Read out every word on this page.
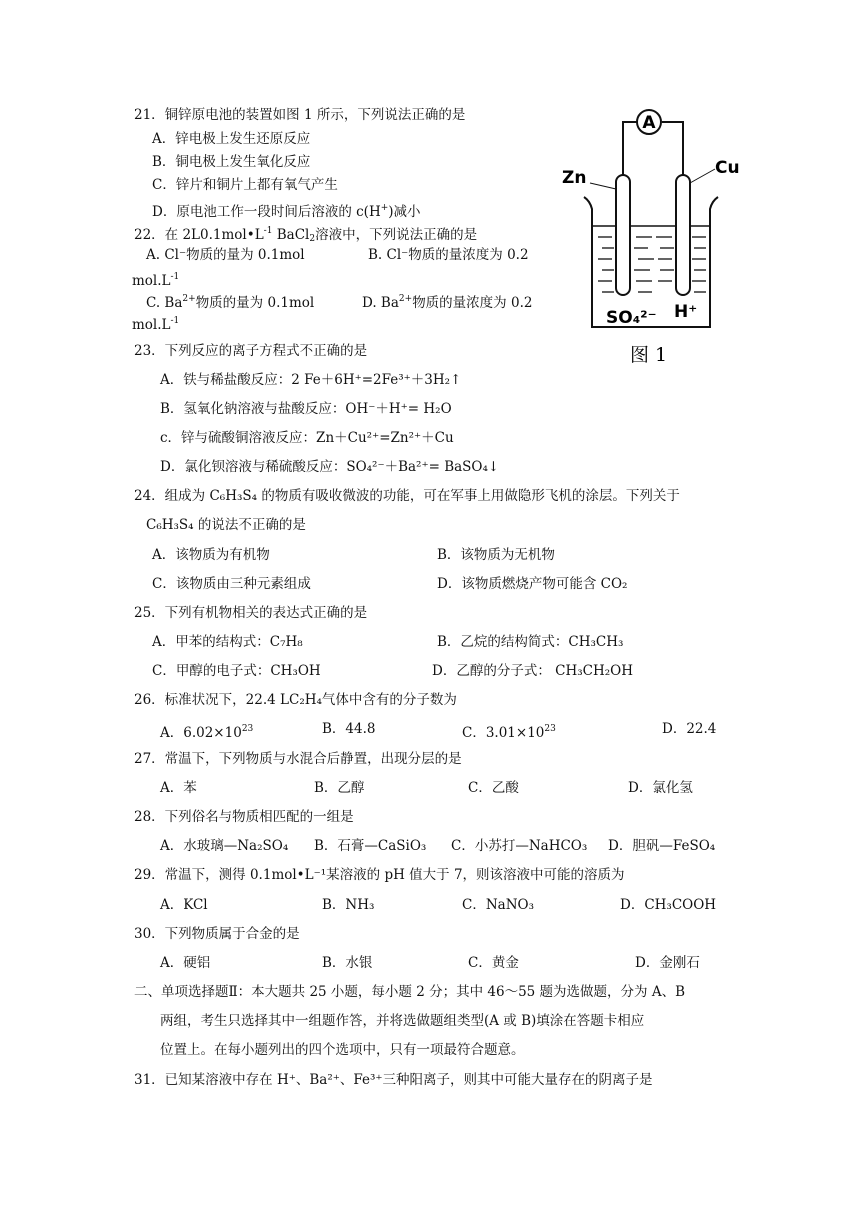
21．铜锌原电池的装置如图 1 所示，下列说法正确的是
A．锌电极上发生还原反应
B．铜电极上发生氧化反应
C．锌片和铜片上都有氧气产生
D．原电池工作一段时间后溶液的 c(H+)减小
22．在 $2L0.1mol•L^{-1}$ BaCl$_2$溶液中，下列说法正确的是
A. Cl⁻物质的量为 0.1mol	B. Cl⁻物质的量浓度为 0.2
$mol.L^{-1}$
C. $Ba^{2+}$物质的量为 0.1mol	D. $Ba^{2+}$物质的量浓度为 0.2
$mol.L^{-1}$
23．下列反应的离子方程式不正确的是
A．铁与稀盐酸反应：2 Fe＋6H⁺=2Fe³⁺＋3H₂↑
B．氢氧化钠溶液与盐酸反应：OH⁻＋H⁺= H₂O
c．锌与硫酸铜溶液反应：Zn＋Cu²⁺=Zn²⁺＋Cu
D．氯化钡溶液与稀硫酸反应：SO₄²⁻＋Ba²⁺= BaSO₄↓
24．组成为 C₆H₃S₄ 的物质有吸收微波的功能，可在军事上用做隐形飞机的涂层。下列关于
C₆H₃S₄ 的说法不正确的是
A．该物质为有机物	B．该物质为无机物
C．该物质由三种元素组成	D．该物质燃烧产物可能含 CO₂
25．下列有机物相关的表达式正确的是
A．甲苯的结构式：C₇H₈	B．乙烷的结构简式：CH₃CH₃
C．甲醇的电子式：CH₃OH	D．乙醇的分子式： CH₃CH₂OH
26．标准状况下，22.4 LC₂H₄气体中含有的分子数为
A．$6.02\times 10^{23}$	B．44.8	C．$3.01\times 10^{23}$	D．22.4
27．常温下，下列物质与水混合后静置，出现分层的是
A．苯	B．乙醇	C．乙酸	D．氯化氢
28．下列俗名与物质相匹配的一组是
A．水玻璃—Na₂SO₄ B．石膏—CaSiO₃ C．小苏打—NaHCO₃ D．胆矾—FeSO₄
29．常温下，测得 0.1mol•L⁻¹某溶液的 pH 值大于 7，则该溶液中可能的溶质为
A．KCl	B．NH₃	C．NaNO₃	D．CH₃COOH
30．下列物质属于合金的是
A．硬铝	B．水银	C．黄金	D．金刚石
二、单项选择题Ⅱ：本大题共 25 小题，每小题 2 分；其中 46～55 题为选做题，分为 A、B
两组，考生只选择其中一组题作答，并将选做题组类型(A 或 B)填涂在答题卡相应
位置上。在每小题列出的四个选项中，只有一项最符合题意。
31．已知某溶液中存在 H⁺、Ba²⁺、Fe³⁺三种阳离子，则其中可能大量存在的阴离子是
A
Zn	Cu
SO₄²⁻ H⁺
图 1
